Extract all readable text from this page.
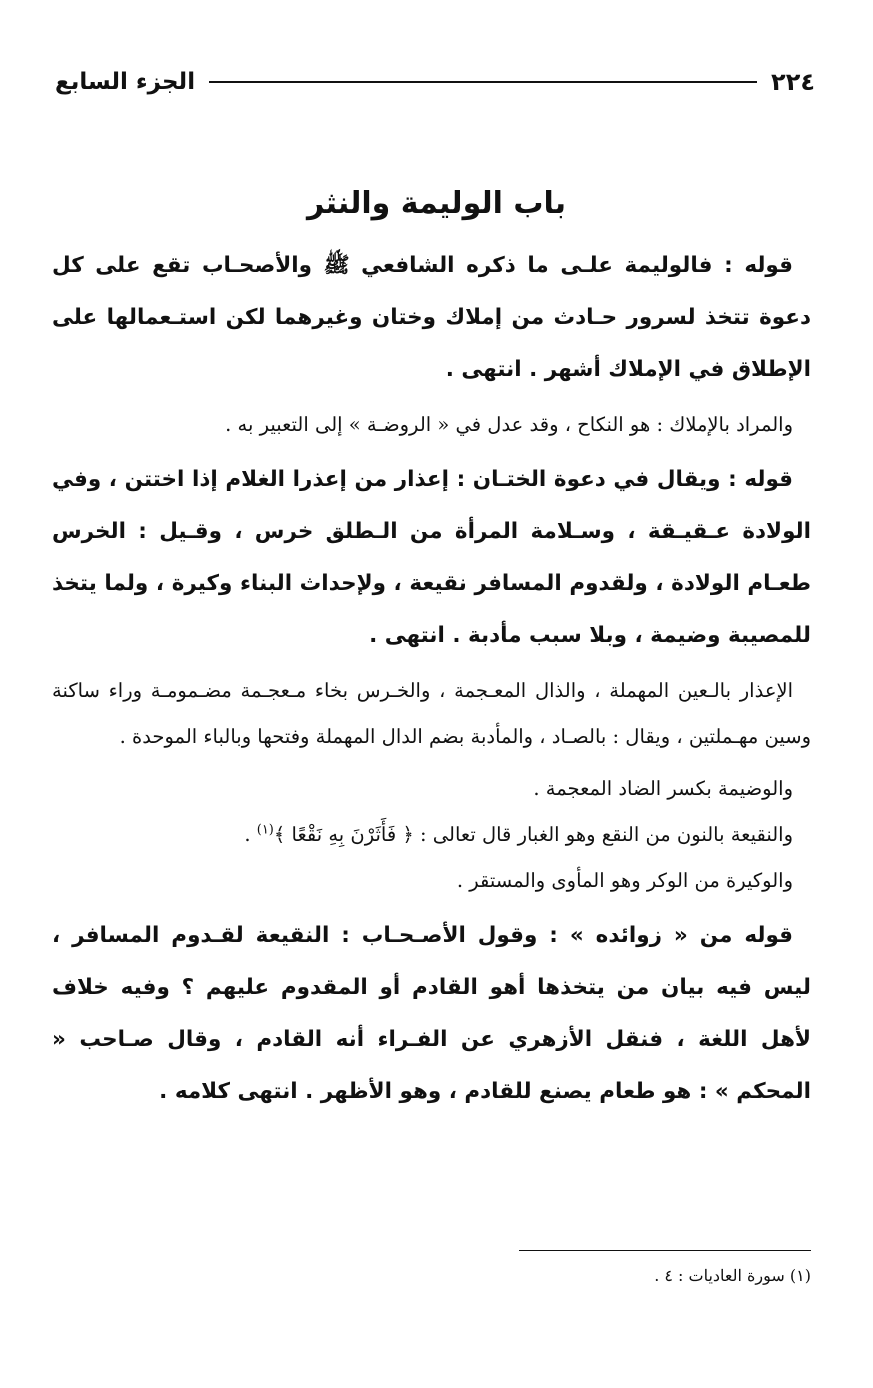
٢٢٤
الجزء السابع
باب الوليمة والنثر

قوله : فالوليمة علـى ما ذكره الشافعي ﷺ والأصحـاب تقع على كل دعوة تتخذ لسرور حـادث من إملاك وختان وغيرهما لكن استـعمالها على الإطلاق في الإملاك أشهر . انتهى .

والمراد بالإملاك : هو النكاح ، وقد عدل في « الروضـة » إلى التعبير به .

قوله : ويقال في دعوة الختـان : إعذار من إعذرا الغلام إذا اختتن ، وفي الولادة عـقيـقة ، وسـلامة المرأة من الـطلق خرس ، وقـيل : الخرس طعـام الولادة ، ولقدوم المسافر نقيعة ، ولإحداث البناء وكيرة ، ولما يتخذ للمصيبة وضيمة ، وبلا سبب مأدبة . انتهى .

الإعذار بالـعين المهملة ، والذال المعـجمة ، والخـرس بخاء مـعجـمة مضـمومـة وراء ساكنة وسين مهـملتين ، ويقال : بالصـاد ، والمأدبة بضم الدال المهملة وفتحها وبالباء الموحدة .

والوضيمة بكسر الضاد المعجمة .

والنقيعة بالنون من النقع وهو الغبار قال تعالى : ﴿ فَأَثَرْنَ بِهِ نَقْعًا ﴾$^{(١)}$ .

والوكيرة من الوكر وهو المأوى والمستقر .

قوله من « زوائده » : وقول الأصـحـاب : النقيعة لقـدوم المسافر ، ليس فيه بيان من يتخذها أهو القادم أو المقدوم عليهم ؟ وفيه خلاف لأهل اللغة ، فنقل الأزهري عن الفـراء أنه القادم ، وقال صـاحب « المحكم » : هو طعام يصنع للقادم ، وهو الأظهر . انتهى كلامه .

(١) سورة العاديات : ٤ .
